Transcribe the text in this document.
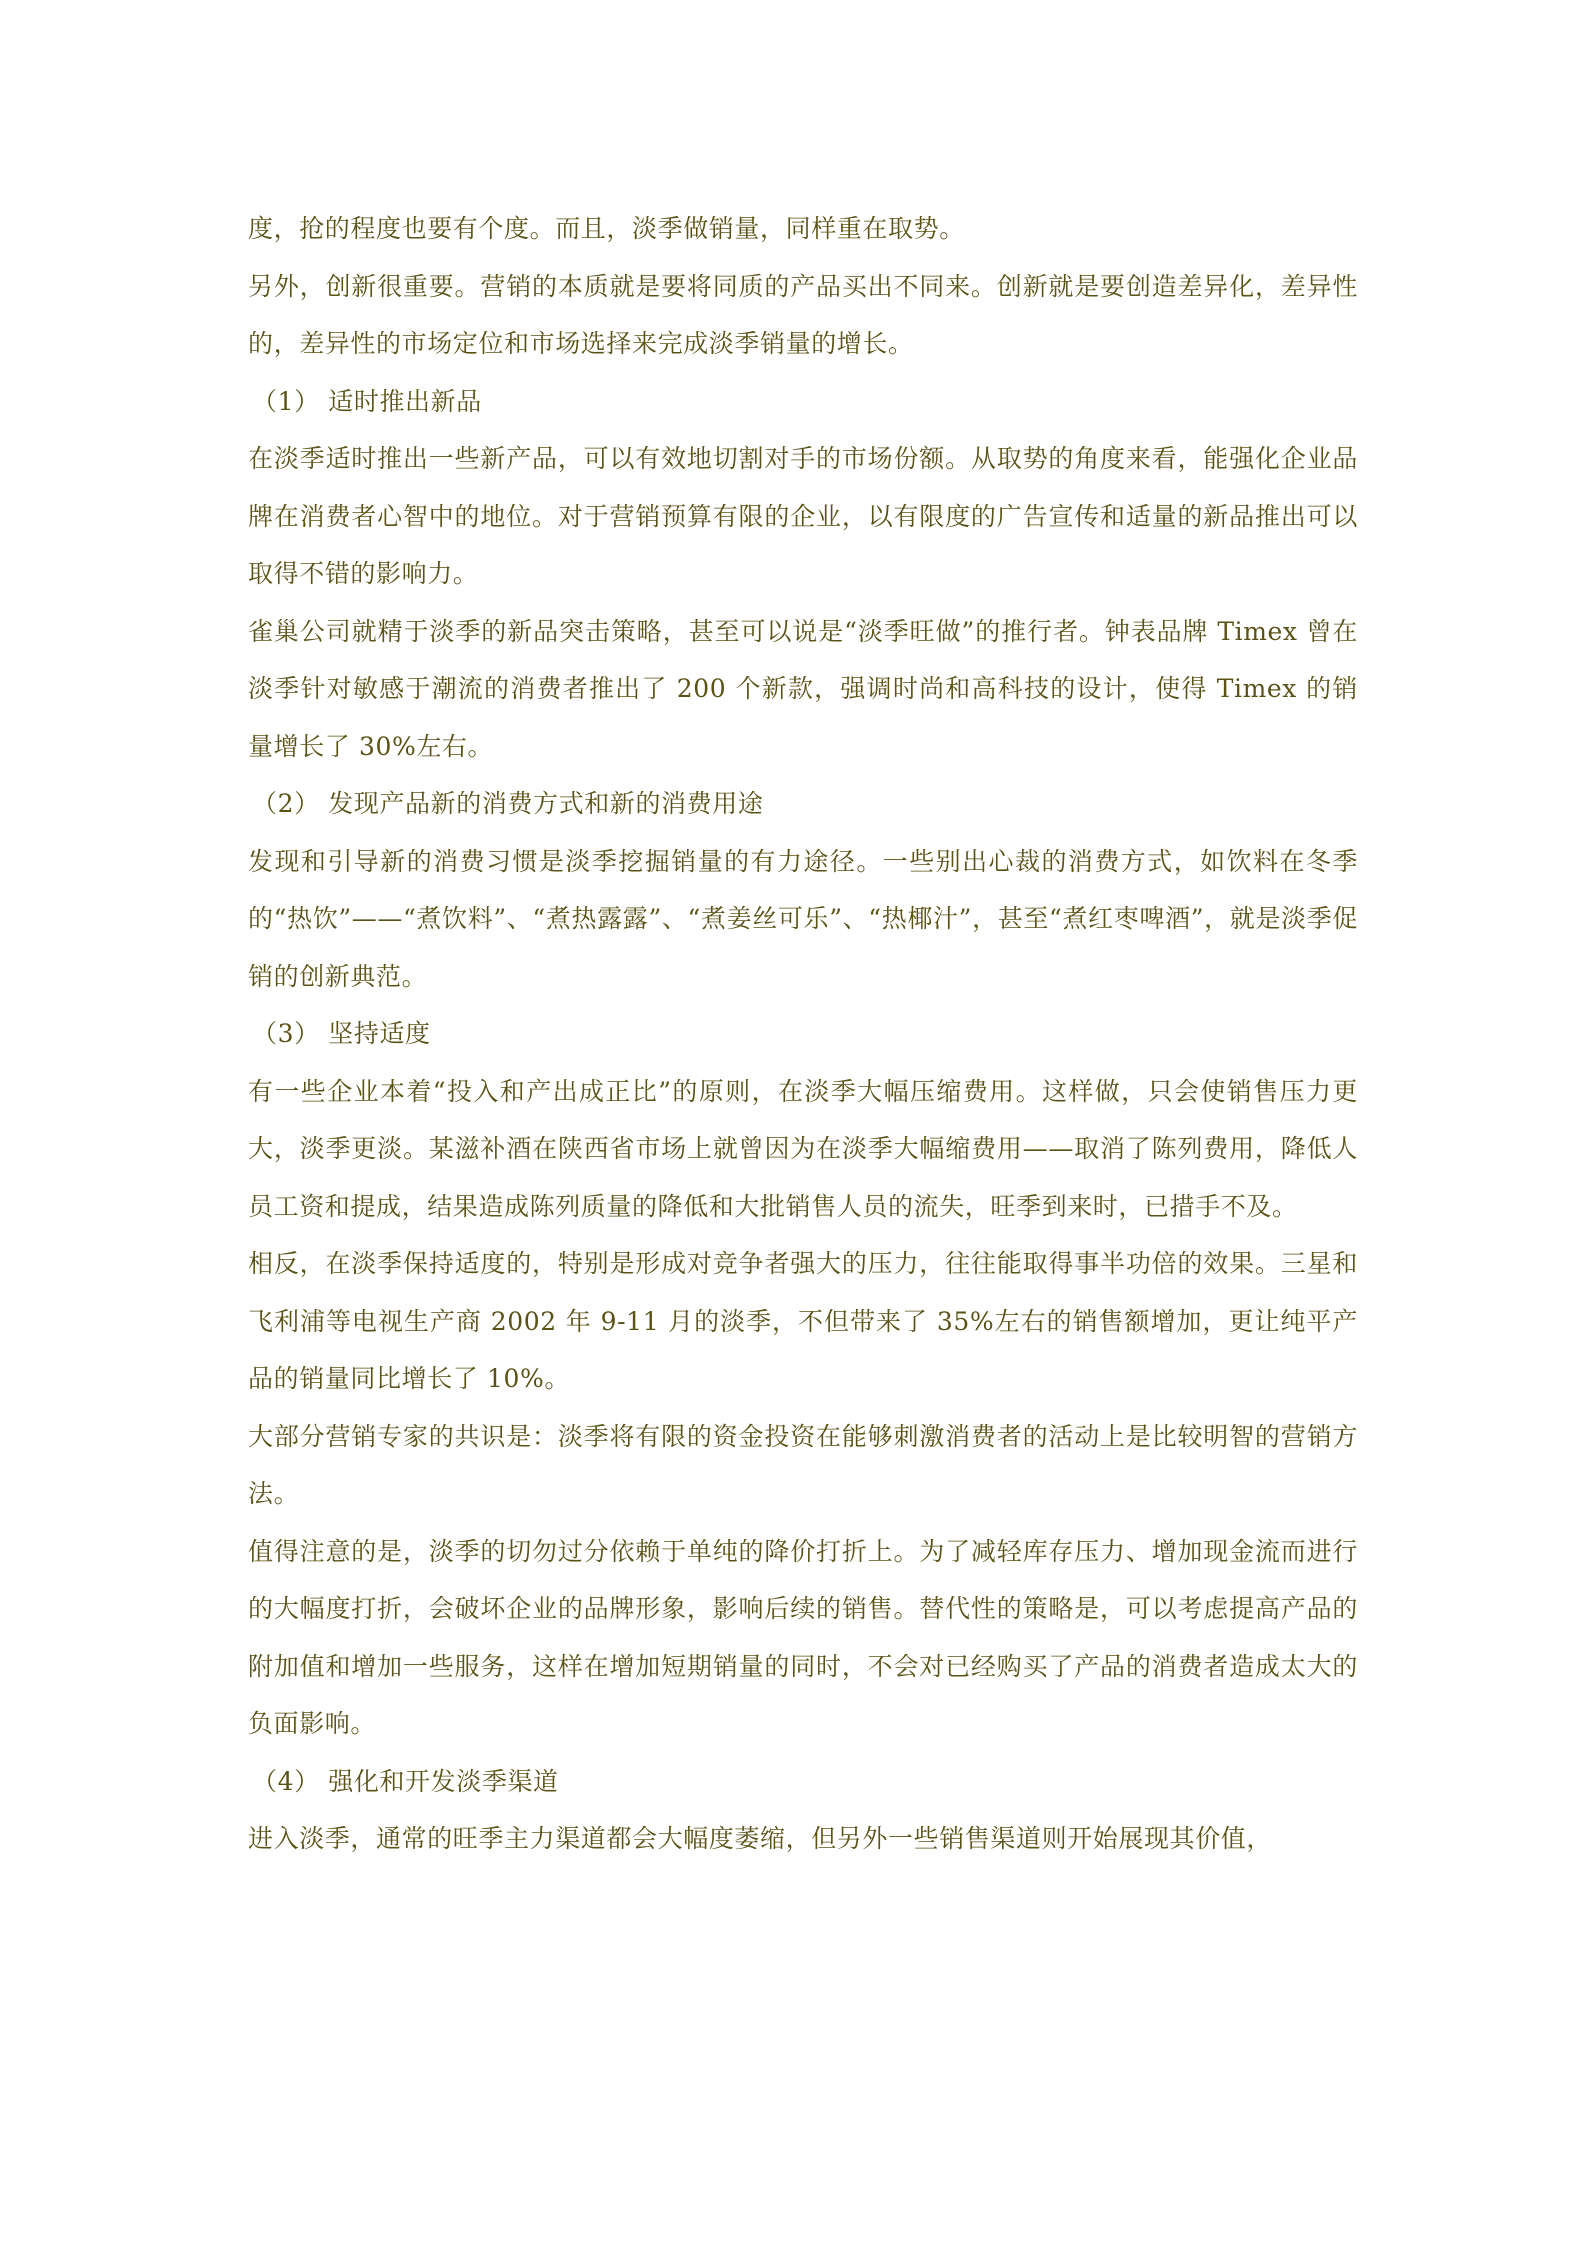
度，抢的程度也要有个度。而且，淡季做销量，同样重在取势。

另外，创新很重要。营销的本质就是要将同质的产品买出不同来。创新就是要创造差异化，差异性的，差异性的市场定位和市场选择来完成淡季销量的增长。

（1） 适时推出新品

在淡季适时推出一些新产品，可以有效地切割对手的市场份额。从取势的角度来看，能强化企业品牌在消费者心智中的地位。对于营销预算有限的企业，以有限度的广告宣传和适量的新品推出可以取得不错的影响力。

雀巢公司就精于淡季的新品突击策略，甚至可以说是“淡季旺做”的推行者。钟表品牌 Timex 曾在淡季针对敏感于潮流的消费者推出了 200 个新款，强调时尚和高科技的设计，使得 Timex 的销量增长了 30%左右。

（2） 发现产品新的消费方式和新的消费用途

发现和引导新的消费习惯是淡季挖掘销量的有力途径。一些别出心裁的消费方式，如饮料在冬季的“热饮”——“煮饮料”、“煮热露露”、“煮姜丝可乐”、“热椰汁”，甚至“煮红枣啤酒”，就是淡季促销的创新典范。

（3） 坚持适度

有一些企业本着“投入和产出成正比”的原则，在淡季大幅压缩费用。这样做，只会使销售压力更大，淡季更淡。某滋补酒在陕西省市场上就曾因为在淡季大幅缩费用——取消了陈列费用，降低人员工资和提成，结果造成陈列质量的降低和大批销售人员的流失，旺季到来时，已措手不及。

相反，在淡季保持适度的，特别是形成对竞争者强大的压力，往往能取得事半功倍的效果。三星和飞利浦等电视生产商 2002 年 9-11 月的淡季，不但带来了 35%左右的销售额增加，更让纯平产品的销量同比增长了 10%。

大部分营销专家的共识是：淡季将有限的资金投资在能够刺激消费者的活动上是比较明智的营销方法。

值得注意的是，淡季的切勿过分依赖于单纯的降价打折上。为了减轻库存压力、增加现金流而进行的大幅度打折，会破坏企业的品牌形象，影响后续的销售。替代性的策略是，可以考虑提高产品的附加值和增加一些服务，这样在增加短期销量的同时，不会对已经购买了产品的消费者造成太大的负面影响。

（4） 强化和开发淡季渠道

进入淡季，通常的旺季主力渠道都会大幅度萎缩，但另外一些销售渠道则开始展现其价值，
